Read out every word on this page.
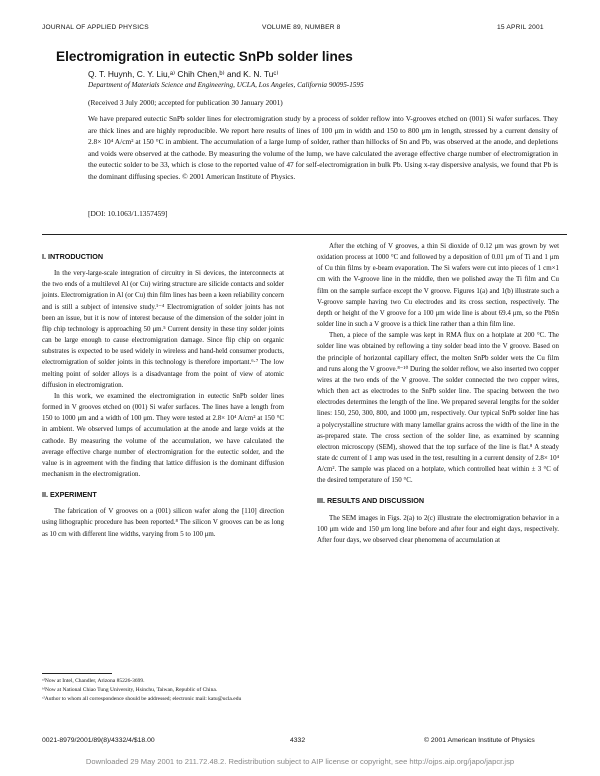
JOURNAL OF APPLIED PHYSICS	VOLUME 89, NUMBER 8	15 APRIL 2001
Electromigration in eutectic SnPb solder lines
Q. T. Huynh, C. Y. Liu,ᵃ⁾ Chih Chen,ᵇ⁾ and K. N. Tuᶜ⁾
Department of Materials Science and Engineering, UCLA, Los Angeles, California 90095-1595
(Received 3 July 2000; accepted for publication 30 January 2001)

We have prepared eutectic SnPb solder lines for electromigration study by a process of solder reflow into V-grooves etched on (001) Si wafer surfaces. They are thick lines and are highly reproducible. We report here results of lines of 100 μm in width and 150 to 800 μm in length, stressed by a current density of 2.8× 10⁴ A/cm² at 150 °C in ambient. The accumulation of a large lump of solder, rather than hillocks of Sn and Pb, was observed at the anode, and depletions and voids were observed at the cathode. By measuring the volume of the lump, we have calculated the average effective charge number of electromigration in the eutectic solder to be 33, which is close to the reported value of 47 for self-electromigration in bulk Pb. Using x-ray dispersive analysis, we found that Pb is the dominant diffusing species. © 2001 American Institute of Physics.

[DOI: 10.1063/1.1357459]
I. INTRODUCTION

In the very-large-scale integration of circuitry in Si devices, the interconnects at the two ends of a multilevel Al (or Cu) wiring structure are silicide contacts and solder joints. Electromigration in Al (or Cu) thin film lines has been a keen reliability concern and is still a subject of intensive study.¹⁻⁴ Electromigration of solder joints has not been an issue, but it is now of interest because of the dimension of the solder joint in flip chip technology is approaching 50 μm.⁵ Current density in these tiny solder joints can be large enough to cause electromigration damage. Since flip chip on organic substrates is expected to be used widely in wireless and hand-held consumer products, electromigration of solder joints in this technology is therefore important.⁶·⁷ The low melting point of solder alloys is a disadvantage from the point of view of atomic diffusion in electromigration.

In this work, we examined the electromigration in eutectic SnPb solder lines formed in V grooves etched on (001) Si wafer surfaces. The lines have a length from 150 to 1000 μm and a width of 100 μm. They were tested at 2.8× 10⁴ A/cm² at 150 °C in ambient. We observed lumps of accumulation at the anode and large voids at the cathode. By measuring the volume of the accumulation, we have calculated the average effective charge number of electromigration for the eutectic solder, and the value is in agreement with the finding that lattice diffusion is the dominant diffusion mechanism in the electromigration.

II. EXPERIMENT

The fabrication of V grooves on a (001) silicon wafer along the [110] direction using lithographic procedure has been reported.⁸ The silicon V grooves can be as long as 10 cm with different line widths, varying from 5 to 100 μm.

ᵃ⁾Now at Intel, Chandler, Arizona 85226-3699.
ᵇ⁾Now at National Chiao Tung University, Hsinchu, Taiwan, Republic of China.
ᶜ⁾Author to whom all correspondence should be addressed; electronic mail: katu@ucla.edu

After the etching of V grooves, a thin Si dioxide of 0.12 μm was grown by wet oxidation process at 1000 °C and followed by a deposition of 0.01 μm of Ti and 1 μm of Cu thin films by e-beam evaporation. The Si wafers were cut into pieces of 1 cm×1 cm with the V-groove line in the middle, then we polished away the Ti film and Cu film on the sample surface except the V groove. Figures 1(a) and 1(b) illustrate such a V-groove sample having two Cu electrodes and its cross section, respectively. The depth or height of the V groove for a 100 μm wide line is about 69.4 μm, so the PbSn solder line in such a V groove is a thick line rather than a thin film line.

Then, a piece of the sample was kept in RMA flux on a hotplate at 200 °C. The solder line was obtained by reflowing a tiny solder bead into the V groove. Based on the principle of horizontal capillary effect, the molten SnPb solder wets the Cu film and runs along the V groove.⁸⁻¹⁰ During the solder reflow, we also inserted two copper wires at the two ends of the V groove. The solder connected the two copper wires, which then act as electrodes to the SnPb solder line. The spacing between the two electrodes determines the length of the line. We prepared several lengths for the solder lines: 150, 250, 300, 800, and 1000 μm, respectively. Our typical SnPb solder line has a polycrystalline structure with many lamellar grains across the width of the line in the as-prepared state. The cross section of the solder line, as examined by scanning electron microscopy (SEM), showed that the top surface of the line is flat.⁸ A steady state dc current of 1 amp was used in the test, resulting in a current density of 2.8× 10⁴ A/cm². The sample was placed on a hotplate, which controlled heat within ± 3 °C of the desired temperature of 150 °C.

III. RESULTS AND DISCUSSION

The SEM images in Figs. 2(a) to 2(c) illustrate the electromigration behavior in a 100 μm wide and 150 μm long line before and after four and eight days, respectively. After four days, we observed clear phenomena of accumulation at

0021-8979/2001/89(8)/4332/4/$18.00	4332	© 2001 American Institute of Physics
Downloaded 29 May 2001 to 211.72.48.2. Redistribution subject to AIP license or copyright, see http://ojps.aip.org/japo/japcr.jsp
